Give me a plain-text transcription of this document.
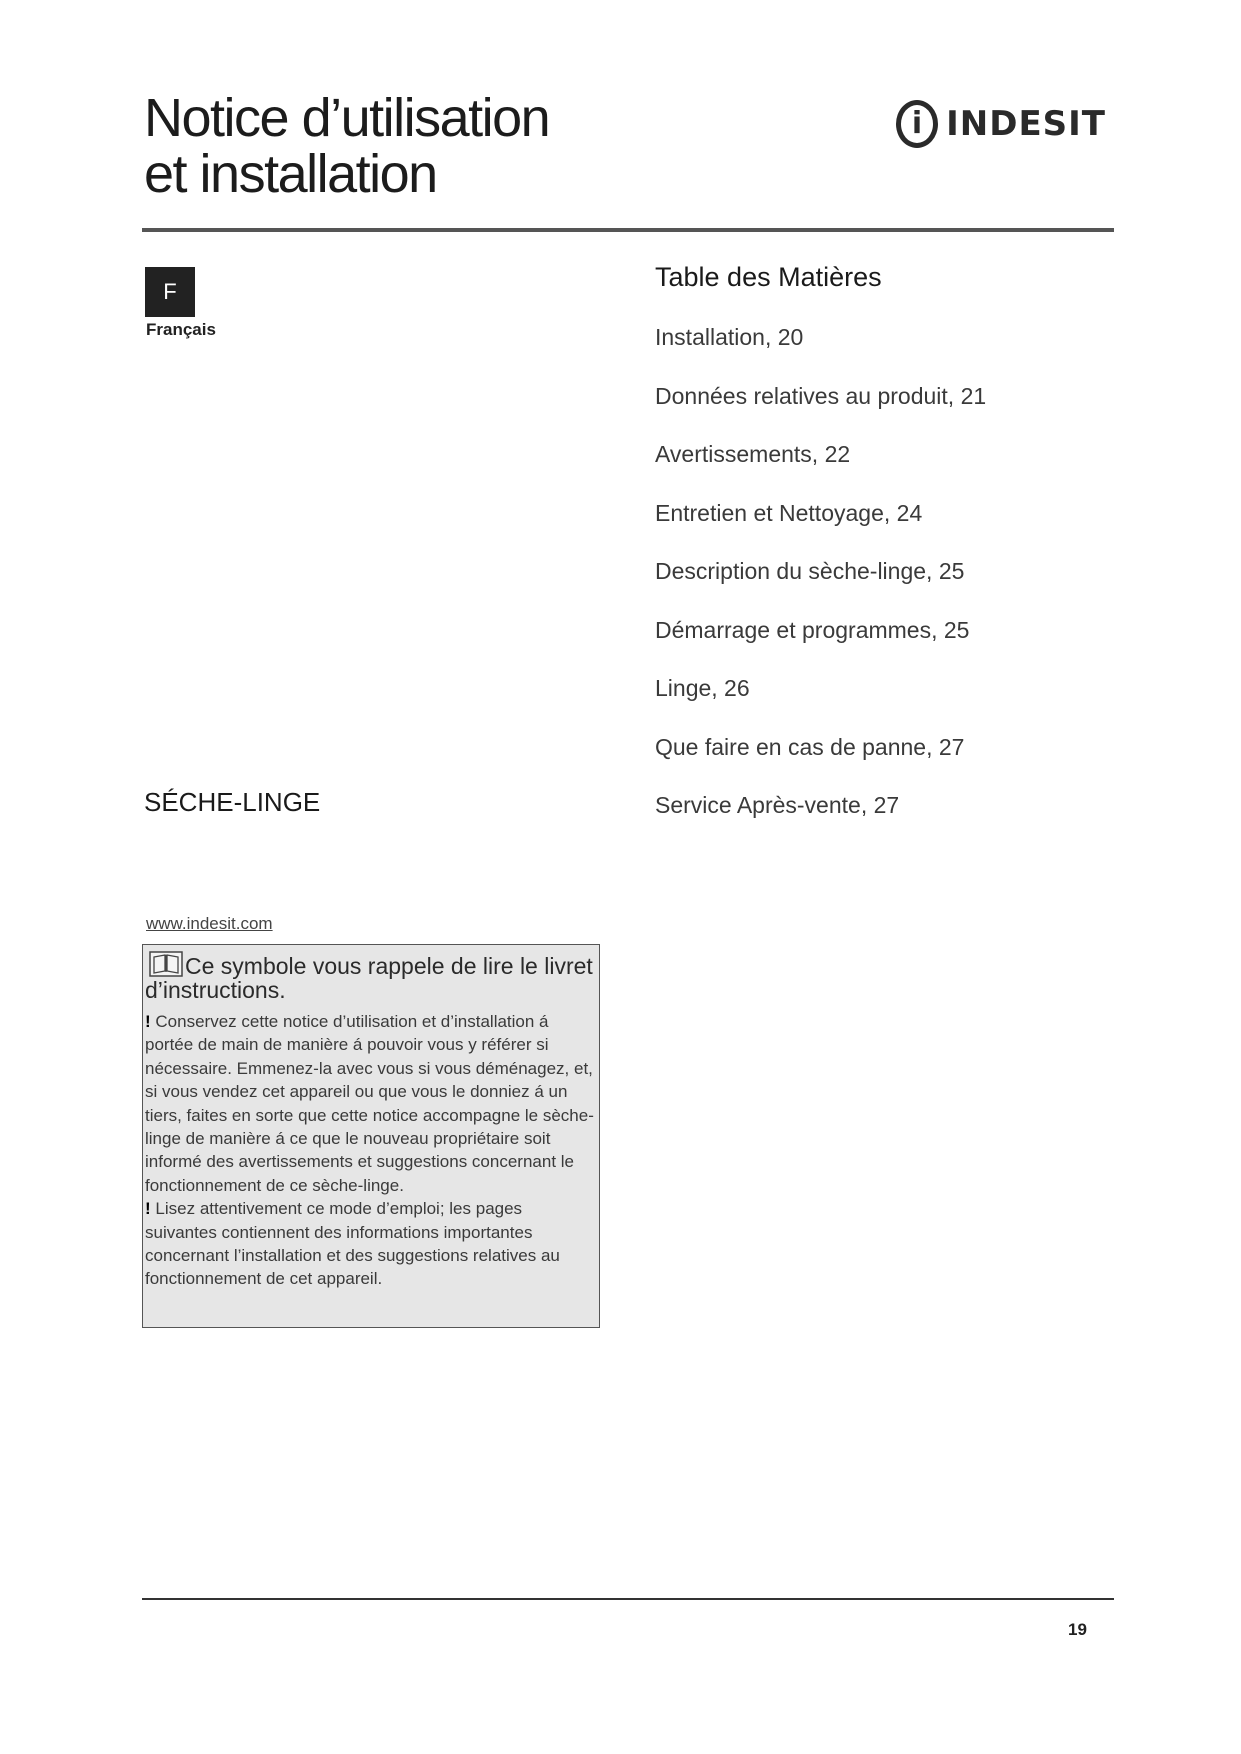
Notice d’utilisation
et installation
i INDESIT
F
Français
Table des Matières
Installation, 20
Données relatives au produit, 21
Avertissements, 22
Entretien et Nettoyage, 24
Description du sèche-linge, 25
Démarrage et programmes, 25
Linge, 26
Que faire en cas de panne, 27
Service Après-vente, 27
SÉCHE-LINGE
www.indesit.com
Ce symbole vous rappele de lire le livret d’instructions.

! Conservez cette notice d’utilisation et d’installation á portée de main de manière á pouvoir vous y référer si nécessaire. Emmenez-la avec vous si vous déménagez, et, si vous vendez cet appareil ou que vous le donniez á un tiers, faites en sorte que cette notice accompagne le sèche-linge de manière á ce que le nouveau propriétaire soit informé des avertissements et suggestions concernant le fonctionnement de ce sèche-linge.

! Lisez attentivement ce mode d’emploi; les pages suivantes contiennent des informations importantes concernant l’installation et des suggestions relatives au fonctionnement de cet appareil.

19
